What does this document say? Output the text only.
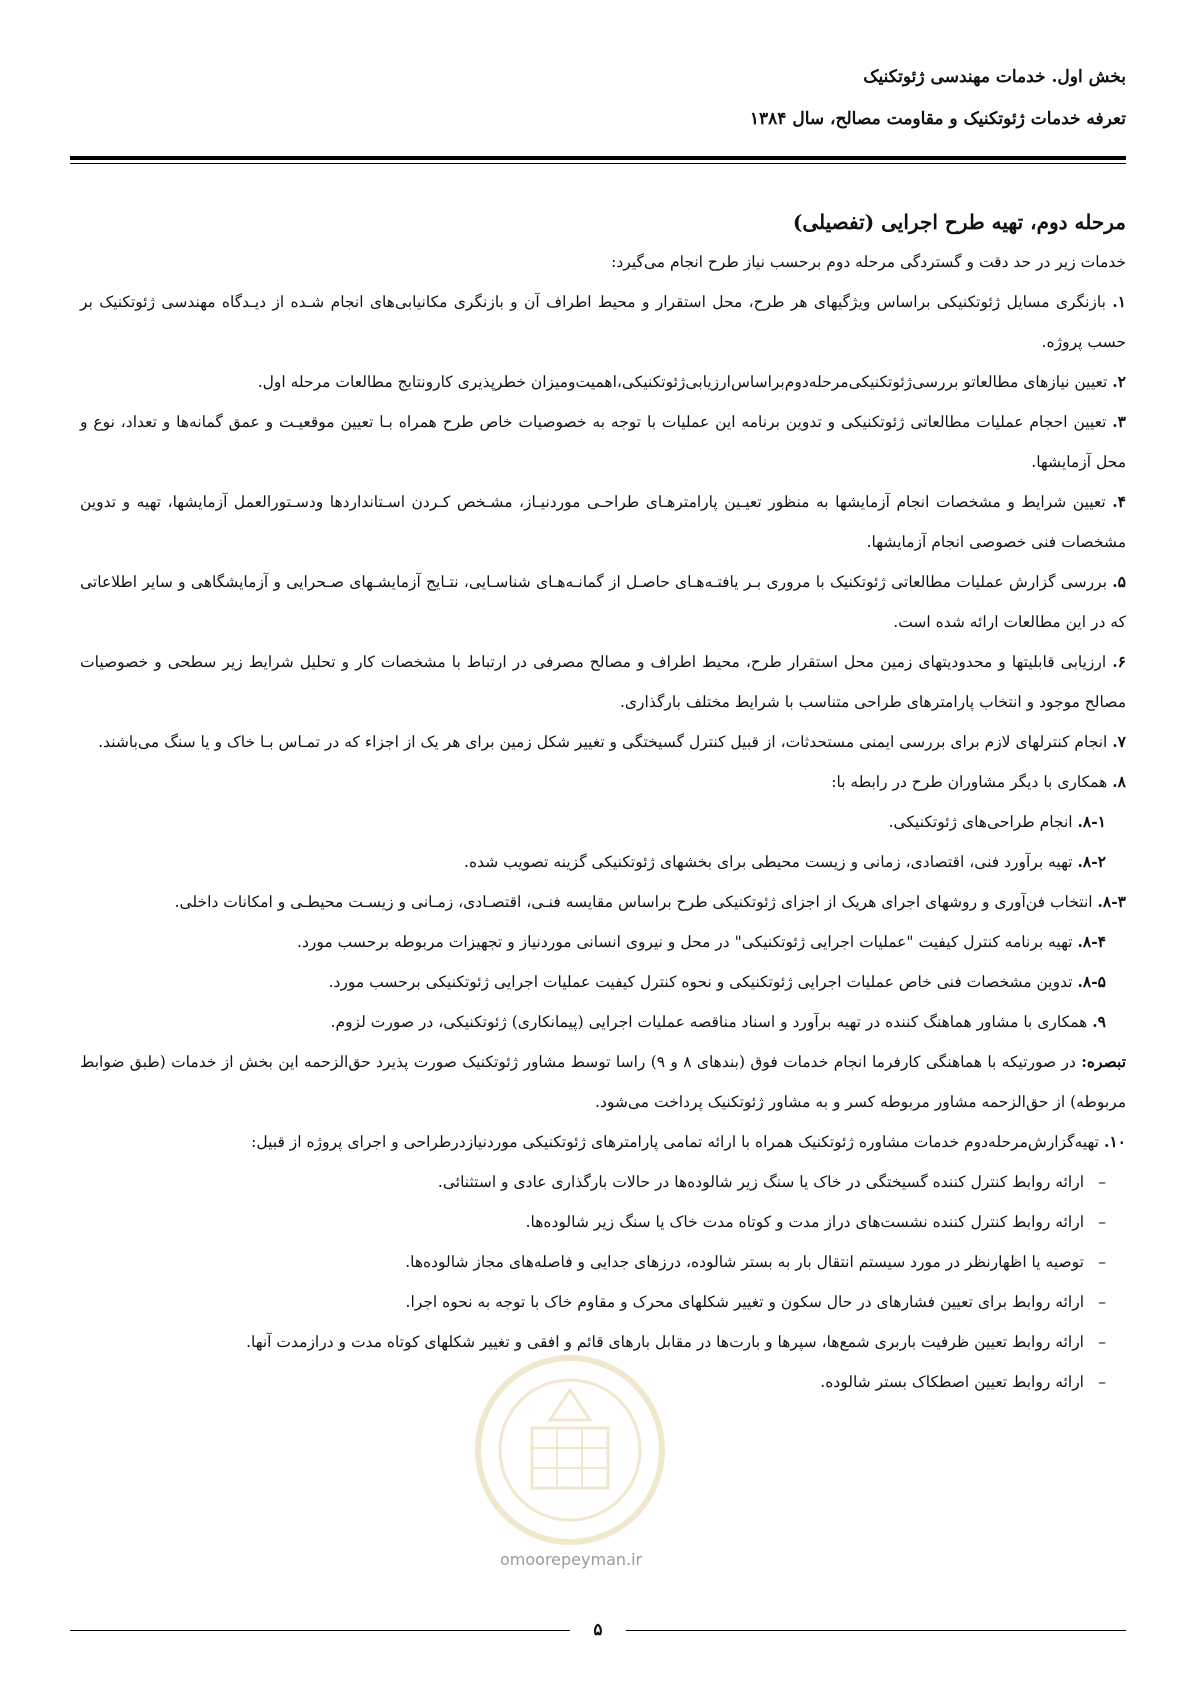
بخش اول. خدمات مهندسی ژئوتکنیک
تعرفه خدمات ژئوتکنیک و مقاومت مصالح، سال ۱۳۸۴
مرحله دوم، تهیه طرح اجرایی (تفصیلی)

خدمات زیر در حد دقت و گستردگی مرحله دوم برحسب نیاز طرح انجام می‌گیرد:

۱. بازنگری مسایل ژئوتکنیکی براساس ویژگیهای هر طرح، محل استقرار و محیط اطراف آن و بازنگری مکانیابی‌های انجام شـده از دیـدگاه مهندسی ژئوتکنیک بر حسب پروژه.

۲. تعیین نیازهای مطالعاتو بررسی‌ژئوتکنیکی‌مرحله‌دوم‌براساس‌ارزیابی‌ژئوتکنیکی،اهمیت‌ومیزان خطرپذیری کارونتایج مطالعات مرحله اول.

۳. تعیین احجام عملیات مطالعاتی ژئوتکنیکی و تدوین برنامه این عملیات با توجه به خصوصیات خاص طرح همراه بـا تعیین موقعیـت و عمق گمانه‌ها و تعداد، نوع و محل آزمایشها.

۴. تعیین شرایط و مشخصات انجام آزمایشها به منظور تعیـین پارامترهـای طراحـی موردنیـاز، مشـخص کـردن اسـتانداردها ودسـتورالعمل آزمایشها، تهیه و تدوین مشخصات فنی خصوصی انجام آزمایشها.

۵. بررسی گزارش عملیات مطالعاتی ژئوتکنیک با مروری بـر یافتـه‌هـای حاصـل از گمانـه‌هـای شناسـایی، نتـایج آزمایشـهای صـحرایی و آزمایشگاهی و سایر اطلاعاتی که در این مطالعات ارائه شده است.

۶. ارزیابی قابلیتها و محدودیتهای زمین محل استقرار طرح، محیط اطراف و مصالح مصرفی در ارتباط با مشخصات کار و تحلیل شرایط زیر سطحی و خصوصیات مصالح موجود و انتخاب پارامترهای طراحی متناسب با شرایط مختلف بارگذاری.

۷. انجام کنترلهای لازم برای بررسی ایمنی مستحدثات، از قبیل کنترل گسیختگی و تغییر شکل زمین برای هر یک از اجزاء که در تمـاس بـا خاک و یا سنگ می‌باشند.

۸. همکاری با دیگر مشاوران طرح در رابطه با:

۸-۱. انجام طراحی‌های ژئوتکنیکی.

۸-۲. تهیه برآورد فنی، اقتصادی، زمانی و زیست محیطی برای بخشهای ژئوتکنیکی گزینه تصویب شده.

۸-۳. انتخاب فن‌آوری و روشهای اجرای هریک از اجزای ژئوتکنیکی طرح براساس مقایسه فنـی، اقتصـادی، زمـانی و زیسـت محیطـی و امکانات داخلی.

۸-۴. تهیه برنامه کنترل کیفیت "عملیات اجرایی ژئوتکنیکی" در محل و نیروی انسانی موردنیاز و تجهیزات مربوطه برحسب مورد.

۸-۵. تدوین مشخصات فنی خاص عملیات اجرایی ژئوتکنیکی و نحوه کنترل کیفیت عملیات اجرایی ژئوتکنیکی برحسب مورد.

۹. همکاری با مشاور هماهنگ کننده در تهیه برآورد و اسناد مناقصه عملیات اجرایی (پیمانکاری) ژئوتکنیکی، در صورت لزوم.

تبصره: در صورتیکه با هماهنگی کارفرما انجام خدمات فوق (بندهای ۸ و ۹) راسا توسط مشاور ژئوتکنیک صورت پذیرد حق‌الزحمه این بخش از خدمات (طبق ضوابط مربوطه) از حق‌الزحمه مشاور مربوطه کسر و به مشاور ژئوتکنیک پرداخت می‌شود.

۱۰. تهیه‌گزارش‌مرحله‌دوم خدمات مشاوره ژئوتکنیک همراه با ارائه تمامی پارامترهای ژئوتکنیکی موردنیازدرطراحی و اجرای پروژه از قبیل:

–ارائه روابط کنترل کننده گسیختگی در خاک یا سنگ زیر شالوده‌ها در حالات بارگذاری عادی و استثنائی.
–ارائه روابط کنترل کننده نشست‌های دراز مدت و کوتاه مدت خاک یا سنگ زیر شالوده‌ها.
–توصیه یا اظهارنظر در مورد سیستم انتقال بار به بستر شالوده، درزهای جدایی و فاصله‌های مجاز شالوده‌ها.
–ارائه روابط برای تعیین فشارهای در حال سکون و تغییر شکلهای محرک و مقاوم خاک با توجه به نحوه اجرا.
–ارائه روابط تعیین ظرفیت باربری شمع‌ها، سپرها و بارت‌ها در مقابل بارهای قائم و افقی و تغییر شکلهای کوتاه مدت و درازمدت آنها.
–ارائه روابط تعیین اصطکاک بستر شالوده.
omoorepeyman.ir
۵
